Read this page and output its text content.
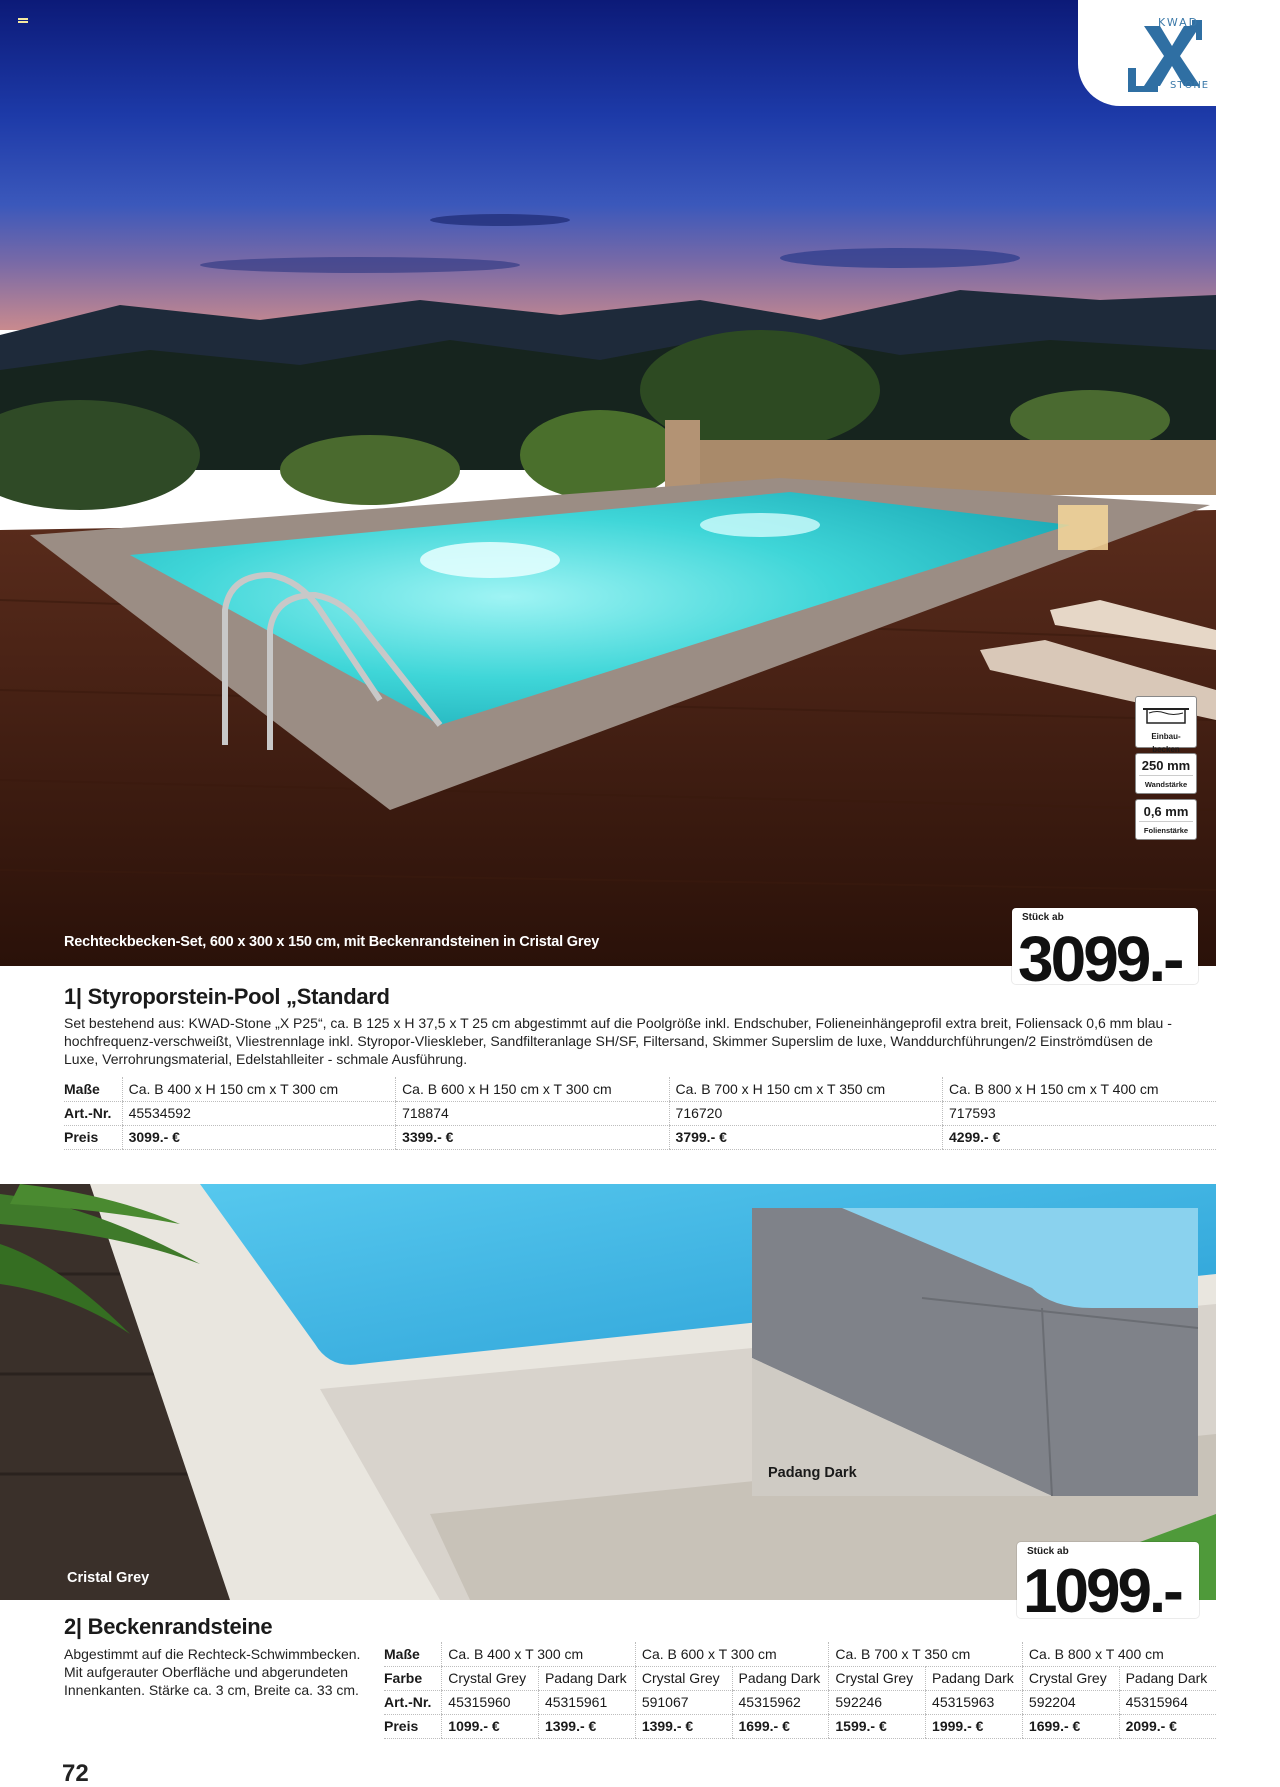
KWAD
STONE
Rechteckbecken-Set, 600 x 300 x 150 cm, mit Beckenrandsteinen in Cristal Grey
Einbau-
becken
250 mm
Wandstärke
0,6 mm
Folienstärke
Stück ab
3099.-
1| Styroporstein-Pool „Standard
Set bestehend aus: KWAD-Stone „X P25“, ca. B 125 x H 37,5 x T 25 cm abgestimmt auf die Poolgröße inkl. Endschuber, Folieneinhängeprofil extra breit, Foliensack 0,6 mm blau - hochfrequenz-verschweißt, Vliestrennlage inkl. Styropor-Vlieskleber, Sandfilteranlage SH/SF, Filtersand, Skimmer Superslim de luxe, Wanddurchführungen/2 Einströmdüsen de Luxe, Verrohrungsmaterial, Edelstahlleiter - schmale Ausführung.
Maße	Ca. B 400 x H 150 cm x T 300 cm	Ca. B 600 x H 150 cm x T 300 cm	Ca. B 700 x H 150 cm x T 350 cm	Ca. B 800 x H 150 cm x T 400 cm
Art.-Nr.	45534592	718874	716720	717593
Preis	3099.- €	3399.- €	3799.- €	4299.- €
Cristal Grey
Padang Dark
Stück ab
1099.-
2| Beckenrandsteine
Abgestimmt auf die Rechteck-Schwimmbecken. Mit aufgerauter Oberfläche und abgerundeten Innenkanten. Stärke ca. 3 cm, Breite ca. 33 cm.
Maße	Ca. B 400 x T 300 cm		Ca. B 600 x T 300 cm		Ca. B 700 x T 350 cm		Ca. B 800 x T 400 cm	
Farbe	Crystal Grey	Padang Dark	Crystal Grey	Padang Dark	Crystal Grey	Padang Dark	Crystal Grey	Padang Dark
Art.-Nr.	45315960	45315961	591067	45315962	592246	45315963	592204	45315964
Preis	1099.- €	1399.- €	1399.- €	1699.- €	1599.- €	1999.- €	1699.- €	2099.- €
72
